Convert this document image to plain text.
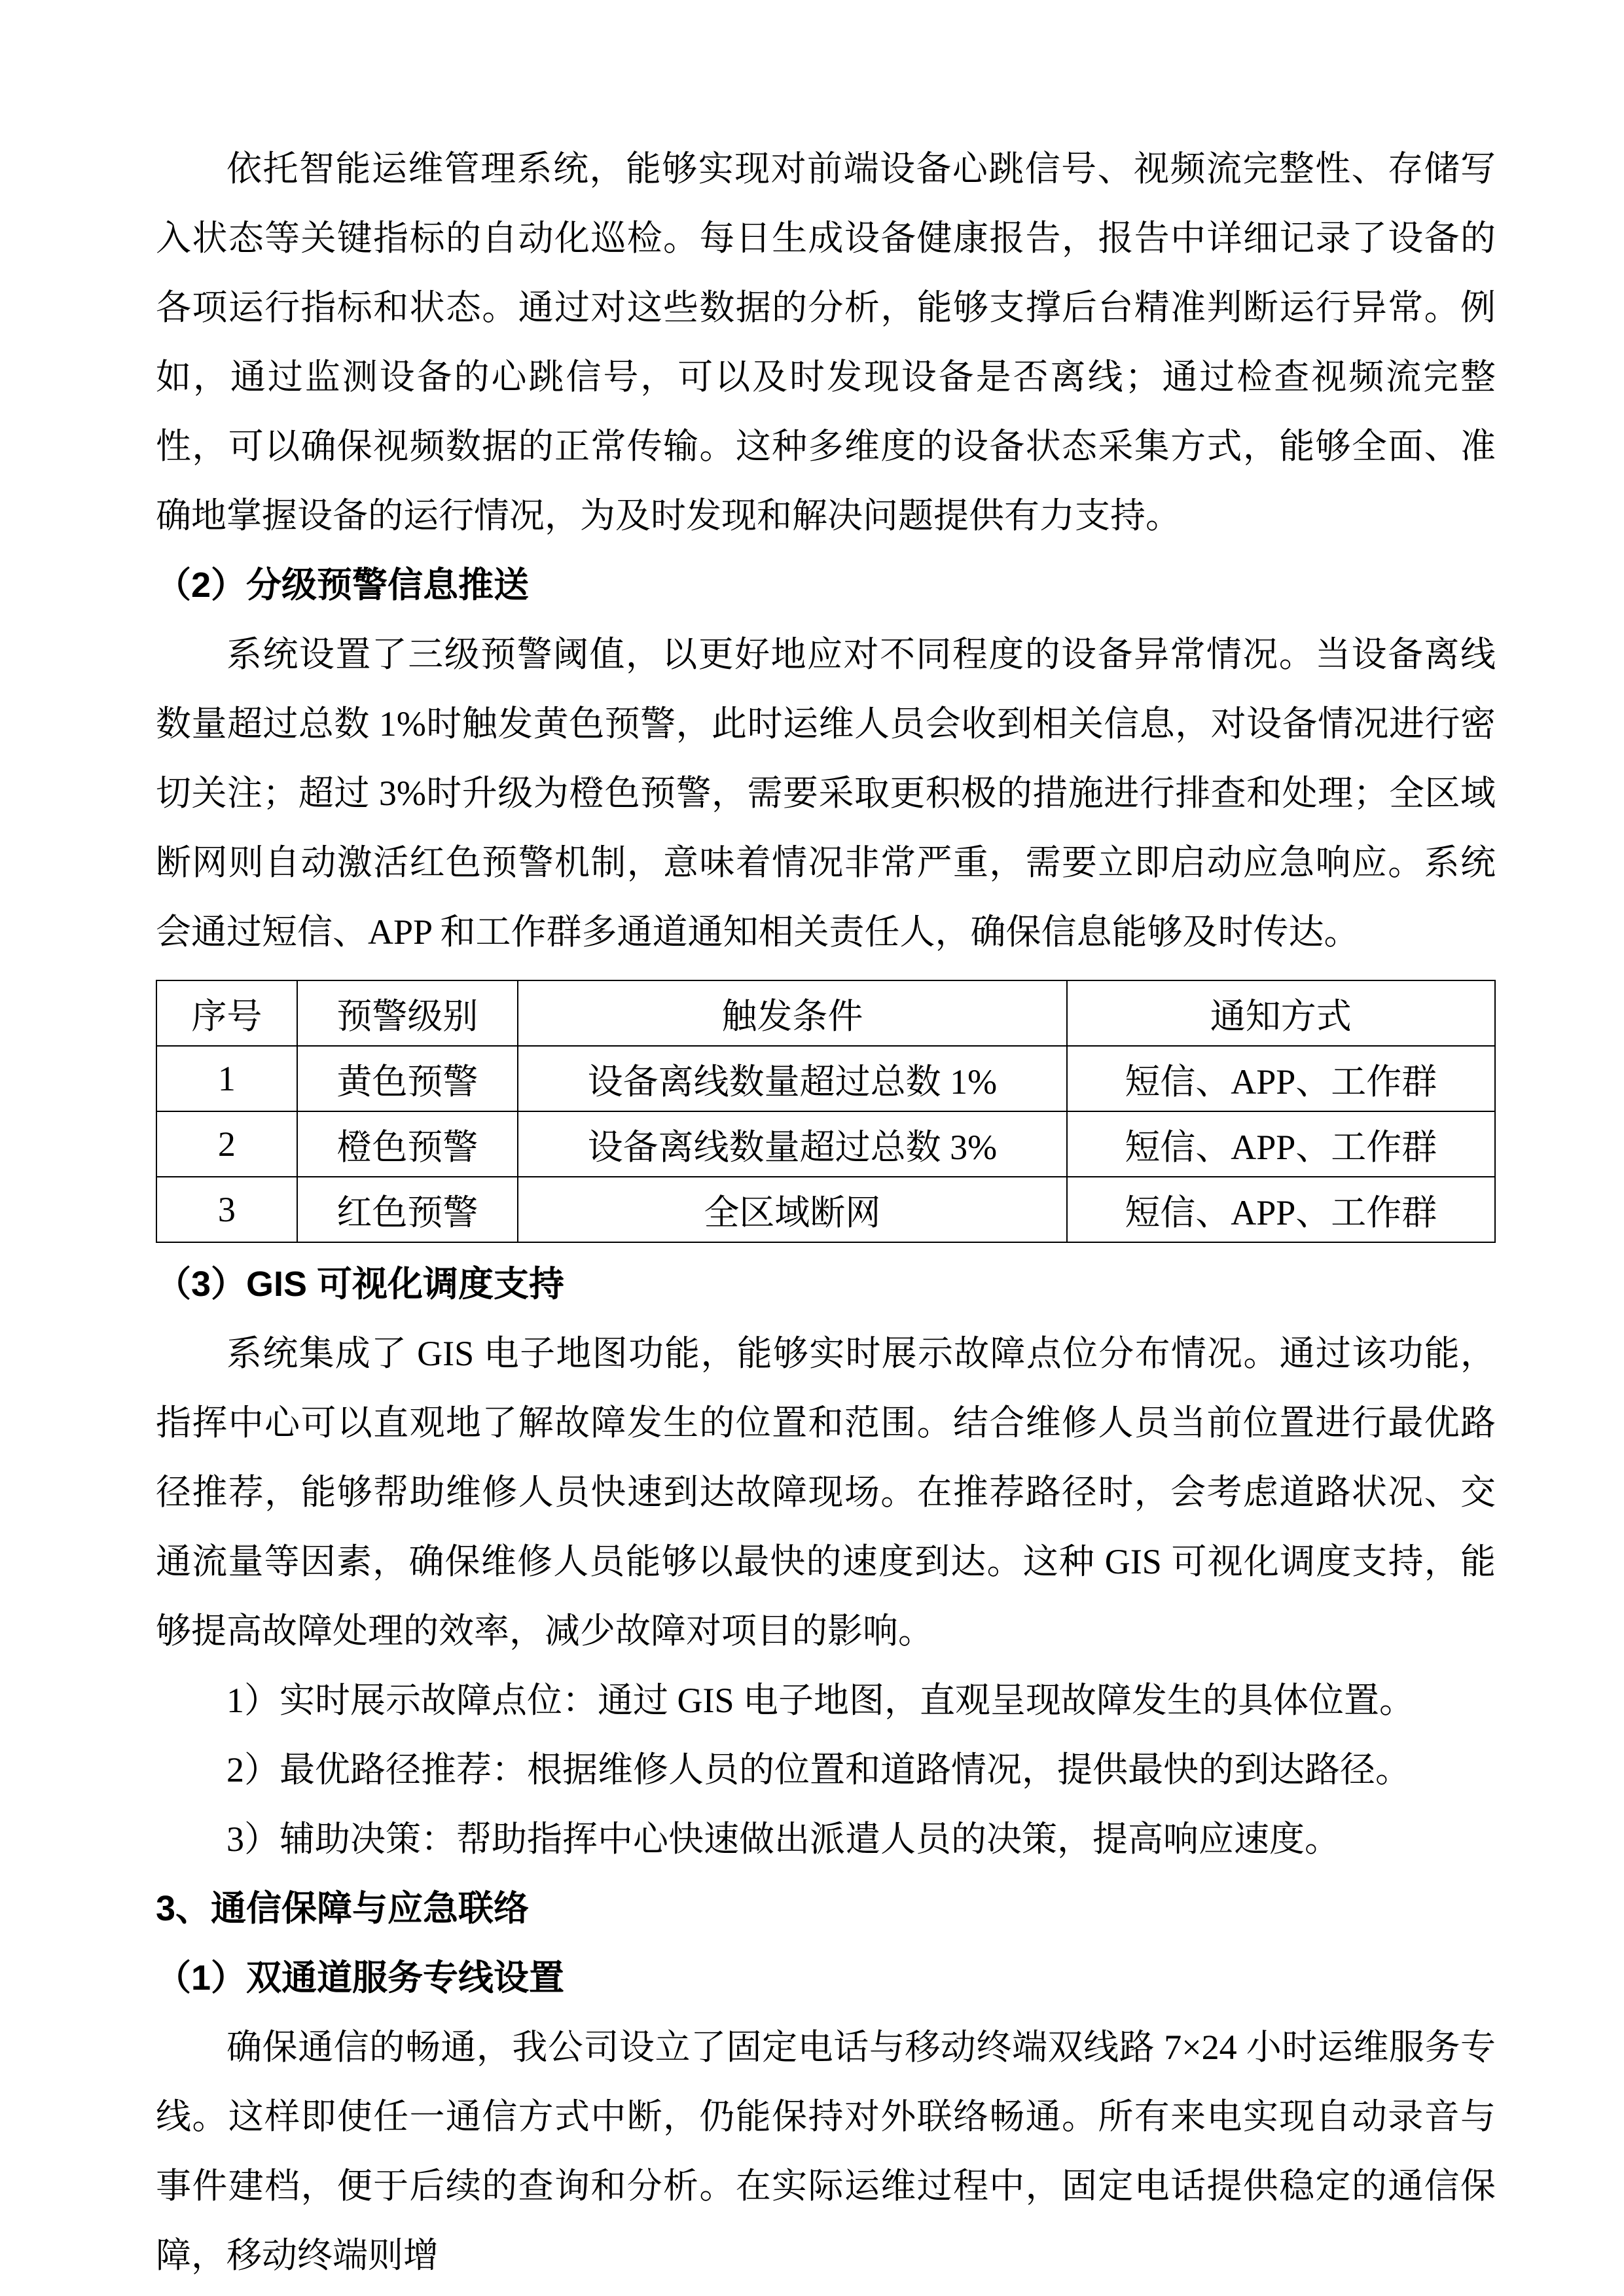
依托智能运维管理系统，能够实现对前端设备心跳信号、视频流完整性、存储写入状态等关键指标的自动化巡检。每日生成设备健康报告，报告中详细记录了设备的各项运行指标和状态。通过对这些数据的分析，能够支撑后台精准判断运行异常。例如，通过监测设备的心跳信号，可以及时发现设备是否离线；通过检查视频流完整性，可以确保视频数据的正常传输。这种多维度的设备状态采集方式，能够全面、准确地掌握设备的运行情况，为及时发现和解决问题提供有力支持。

（2）分级预警信息推送

系统设置了三级预警阈值，以更好地应对不同程度的设备异常情况。当设备离线数量超过总数 1%时触发黄色预警，此时运维人员会收到相关信息，对设备情况进行密切关注；超过 3%时升级为橙色预警，需要采取更积极的措施进行排查和处理；全区域断网则自动激活红色预警机制，意味着情况非常严重，需要立即启动应急响应。系统会通过短信、APP 和工作群多通道通知相关责任人，确保信息能够及时传达。

序号	预警级别	触发条件	通知方式
1	黄色预警	设备离线数量超过总数 1%	短信、APP、工作群
2	橙色预警	设备离线数量超过总数 3%	短信、APP、工作群
3	红色预警	全区域断网	短信、APP、工作群

（3）GIS 可视化调度支持

系统集成了 GIS 电子地图功能，能够实时展示故障点位分布情况。通过该功能，指挥中心可以直观地了解故障发生的位置和范围。结合维修人员当前位置进行最优路径推荐，能够帮助维修人员快速到达故障现场。在推荐路径时，会考虑道路状况、交通流量等因素，确保维修人员能够以最快的速度到达。这种 GIS 可视化调度支持，能够提高故障处理的效率，减少故障对项目的影响。

1）实时展示故障点位：通过 GIS 电子地图，直观呈现故障发生的具体位置。

2）最优路径推荐：根据维修人员的位置和道路情况，提供最快的到达路径。

3）辅助决策：帮助指挥中心快速做出派遣人员的决策，提高响应速度。

3、通信保障与应急联络

（1）双通道服务专线设置

确保通信的畅通，我公司设立了固定电话与移动终端双线路 7×24 小时运维服务专线。这样即使任一通信方式中断，仍能保持对外联络畅通。所有来电实现自动录音与事件建档，便于后续的查询和分析。在实际运维过程中，固定电话提供稳定的通信保障，移动终端则增
